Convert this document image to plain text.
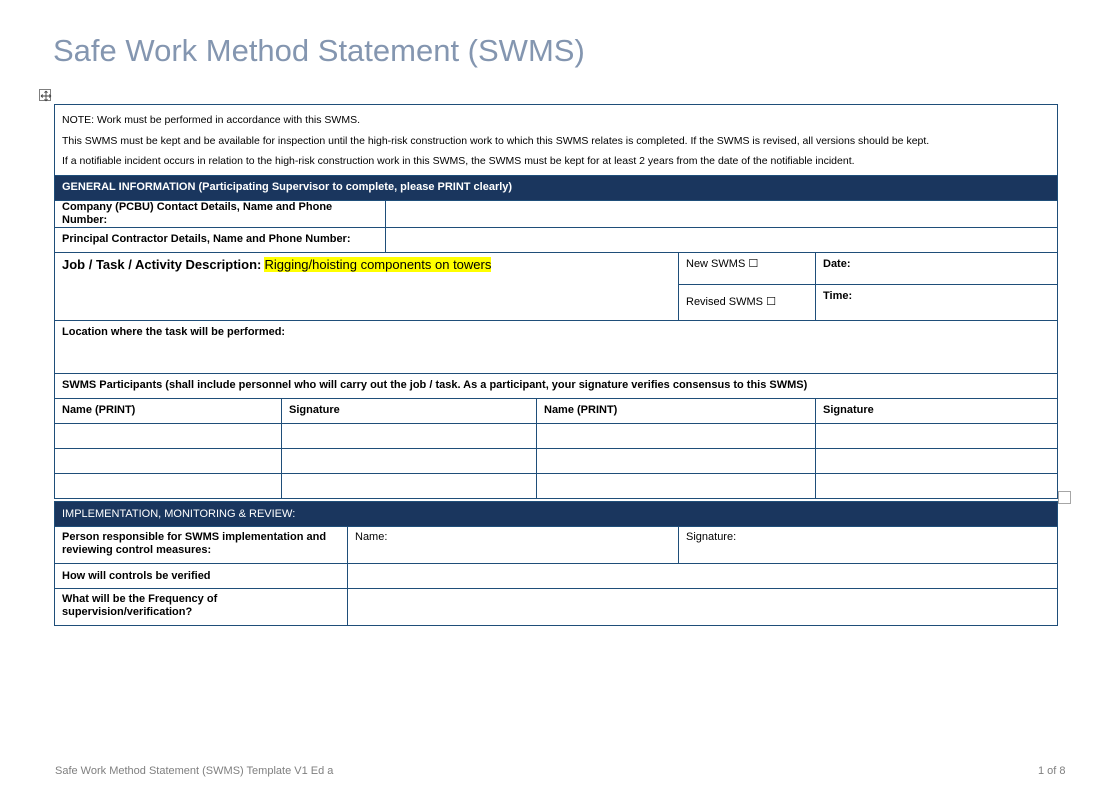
Safe Work Method Statement (SWMS)
NOTE: Work must be performed in accordance with this SWMS.
This SWMS must be kept and be available for inspection until the high-risk construction work to which this SWMS relates is completed. If the SWMS is revised, all versions should be kept.
If a notifiable incident occurs in relation to the high-risk construction work in this SWMS, the SWMS must be kept for at least 2 years from the date of the notifiable incident.					

GENERAL INFORMATION (Participating Supervisor to complete, please PRINT clearly)					
Company (PCBU) Contact Details, Name and Phone Number:					
Principal Contractor Details, Name and Phone Number:					
Job / Task / Activity Description: Rigging/hoisting components on towers				New SWMS ☐	Date:
				Revised SWMS ☐	Time:
Location where the task will be performed:					
SWMS Participants (shall include personnel who will carry out the job / task. As a participant, your signature verifies consensus to this SWMS)					
Name (PRINT)	Signature		Name (PRINT)		Signature

IMPLEMENTATION, MONITORING & REVIEW:		
Person responsible for SWMS implementation and reviewing control measures:	Name:	Signature:
How will controls be verified		
What will be the Frequency of supervision/verification?		
Safe Work Method Statement (SWMS) Template V1 Ed a	1 of 8
